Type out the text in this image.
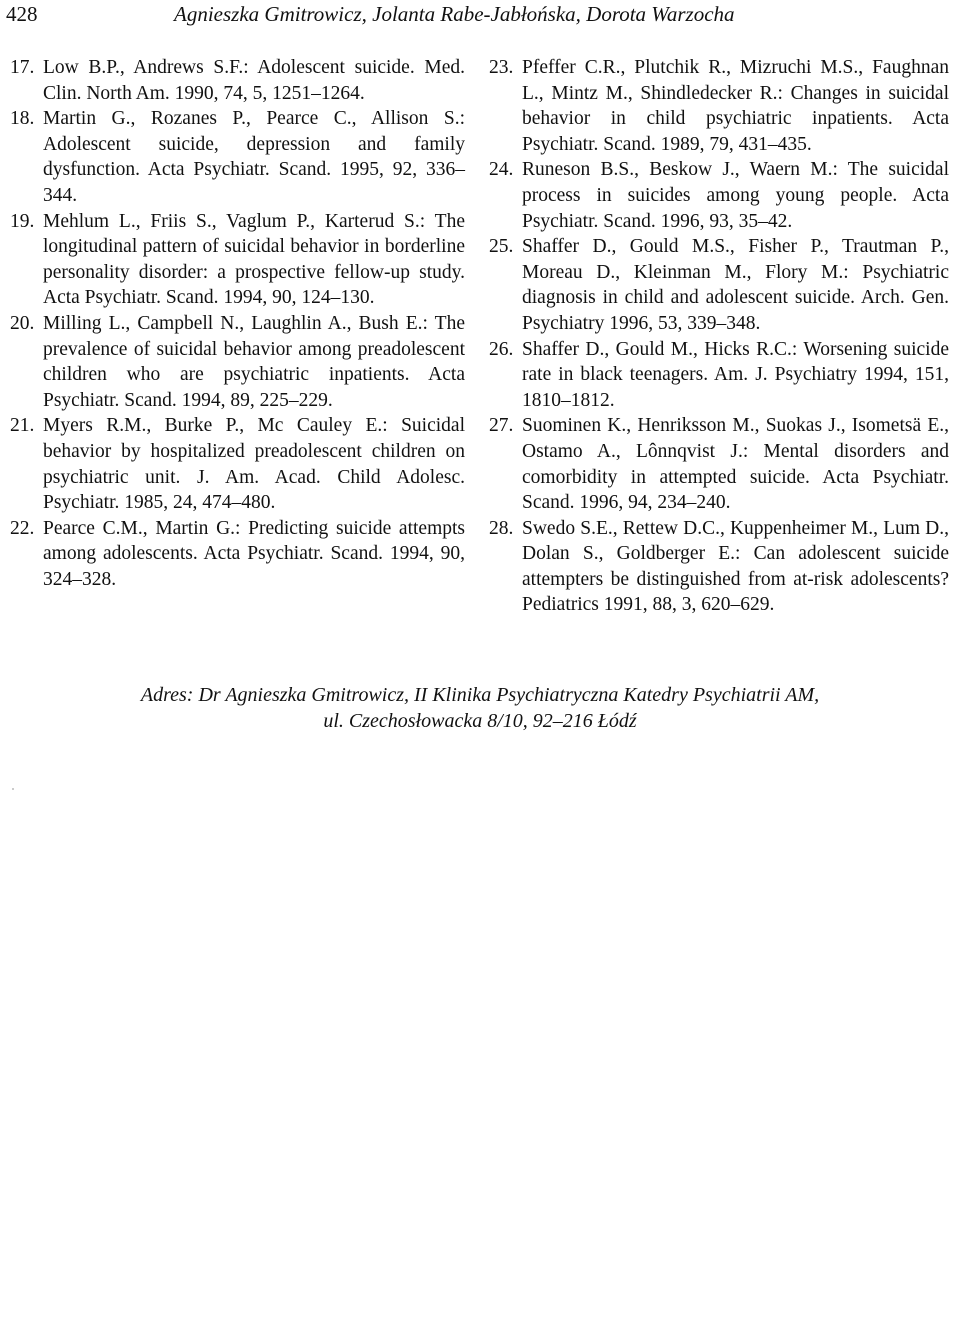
428	Agnieszka Gmitrowicz, Jolanta Rabe-Jabłońska, Dorota Warzocha
17. Low B.P., Andrews S.F.: Adolescent suicide. Med. Clin. North Am. 1990, 74, 5, 1251–1264.
18. Martin G., Rozanes P., Pearce C., Allison S.: Adolescent suicide, depression and family dysfunction. Acta Psychiatr. Scand. 1995, 92, 336–344.
19. Mehlum L., Friis S., Vaglum P., Karterud S.: The longitudinal pattern of suicidal behavior in borderline personality disorder: a prospective fellow-up study. Acta Psychiatr. Scand. 1994, 90, 124–130.
20. Milling L., Campbell N., Laughlin A., Bush E.: The prevalence of suicidal behavior among preadolescent children who are psychiatric inpatients. Acta Psychiatr. Scand. 1994, 89, 225–229.
21. Myers R.M., Burke P., Mc Cauley E.: Suicidal behavior by hospitalized preadolescent children on psychiatric unit. J. Am. Acad. Child Adolesc. Psychiatr. 1985, 24, 474–480.
22. Pearce C.M., Martin G.: Predicting suicide attempts among adolescents. Acta Psychiatr. Scand. 1994, 90, 324–328.
23. Pfeffer C.R., Plutchik R., Mizruchi M.S., Faughnan L., Mintz M., Shindledecker R.: Changes in suicidal behavior in child psychiatric inpatients. Acta Psychiatr. Scand. 1989, 79, 431–435.
24. Runeson B.S., Beskow J., Waern M.: The suicidal process in suicides among young people. Acta Psychiatr. Scand. 1996, 93, 35–42.
25. Shaffer D., Gould M.S., Fisher P., Trautman P., Moreau D., Kleinman M., Flory M.: Psychiatric diagnosis in child and adolescent suicide. Arch. Gen. Psychiatry 1996, 53, 339–348.
26. Shaffer D., Gould M., Hicks R.C.: Worsening suicide rate in black teenagers. Am. J. Psychiatry 1994, 151, 1810–1812.
27. Suominen K., Henriksson M., Suokas J., Isometsä E., Ostamo A., Lônnqvist J.: Mental disorders and comorbidity in attempted suicide. Acta Psychiatr. Scand. 1996, 94, 234–240.
28. Swedo S.E., Rettew D.C., Kuppenheimer M., Lum D., Dolan S., Goldberger E.: Can adolescent suicide attempters be distinguished from at-risk adolescents? Pediatrics 1991, 88, 3, 620–629.
Adres: Dr Agnieszka Gmitrowicz, II Klinika Psychiatryczna Katedry Psychiatrii AM,
ul. Czechosłowacka 8/10, 92–216 Łódź
